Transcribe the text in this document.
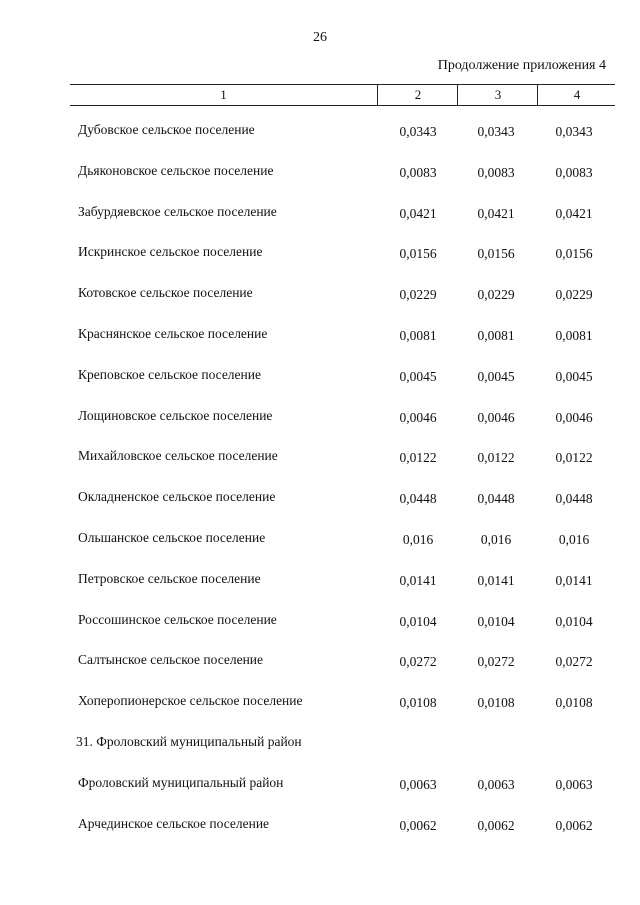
26
Продолжение приложения 4
1	2	3	4
Дубовское сельское поселение	0,0343	0,0343	0,0343
Дьяконовское сельское поселение	0,0083	0,0083	0,0083
Забурдяевское сельское поселение	0,0421	0,0421	0,0421
Искринское сельское поселение	0,0156	0,0156	0,0156
Котовское сельское поселение	0,0229	0,0229	0,0229
Краснянское сельское поселение	0,0081	0,0081	0,0081
Креповское сельское поселение	0,0045	0,0045	0,0045
Лощиновское сельское поселение	0,0046	0,0046	0,0046
Михайловское сельское поселение	0,0122	0,0122	0,0122
Окладненское сельское поселение	0,0448	0,0448	0,0448
Ольшанское сельское поселение	0,016	0,016	0,016
Петровское сельское поселение	0,0141	0,0141	0,0141
Россошинское сельское поселение	0,0104	0,0104	0,0104
Салтынское сельское поселение	0,0272	0,0272	0,0272
Хоперопионерское сельское поселение	0,0108	0,0108	0,0108
31. Фроловский муниципальный район
Фроловский муниципальный район	0,0063	0,0063	0,0063
Арчединское сельское поселение	0,0062	0,0062	0,0062
